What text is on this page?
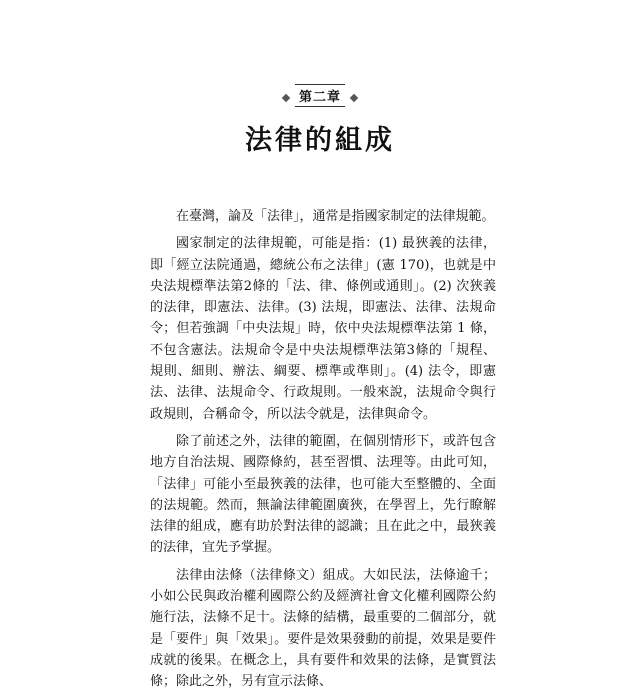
第二章
法律的組成

在臺灣，論及「法律」，通常是指國家制定的法律規範。

國家制定的法律規範，可能是指：(1) 最狹義的法律，即「經立法院通過，總統公布之法律」(憲 170)，也就是中央法規標準法第2條的「法、律、條例或通則」。(2) 次狹義的法律，即憲法、法律。(3) 法規，即憲法、法律、法規命令；但若強調「中央法規」時，依中央法規標準法第 1 條，不包含憲法。法規命令是中央法規標準法第3條的「規程、規則、細則、辦法、綱要、標準或準則」。(4) 法令，即憲法、法律、法規命令、行政規則。一般來說，法規命令與行政規則，合稱命令，所以法令就是，法律與命令。

除了前述之外，法律的範圍，在個別情形下，或許包含地方自治法規、國際條約，甚至習慣、法理等。由此可知，「法律」可能小至最狹義的法律，也可能大至整體的、全面的法規範。然而，無論法律範圍廣狹，在學習上，先行瞭解法律的組成，應有助於對法律的認識；且在此之中，最狹義的法律，宜先予掌握。

法律由法條（法律條文）組成。大如民法，法條逾千；小如公民與政治權利國際公約及經濟社會文化權利國際公約施行法，法條不足十。法條的結構，最重要的二個部分，就是「要件」與「效果」。要件是效果發動的前提，效果是要件成就的後果。在概念上，具有要件和效果的法條，是實質法條；除此之外，另有宣示法條、
